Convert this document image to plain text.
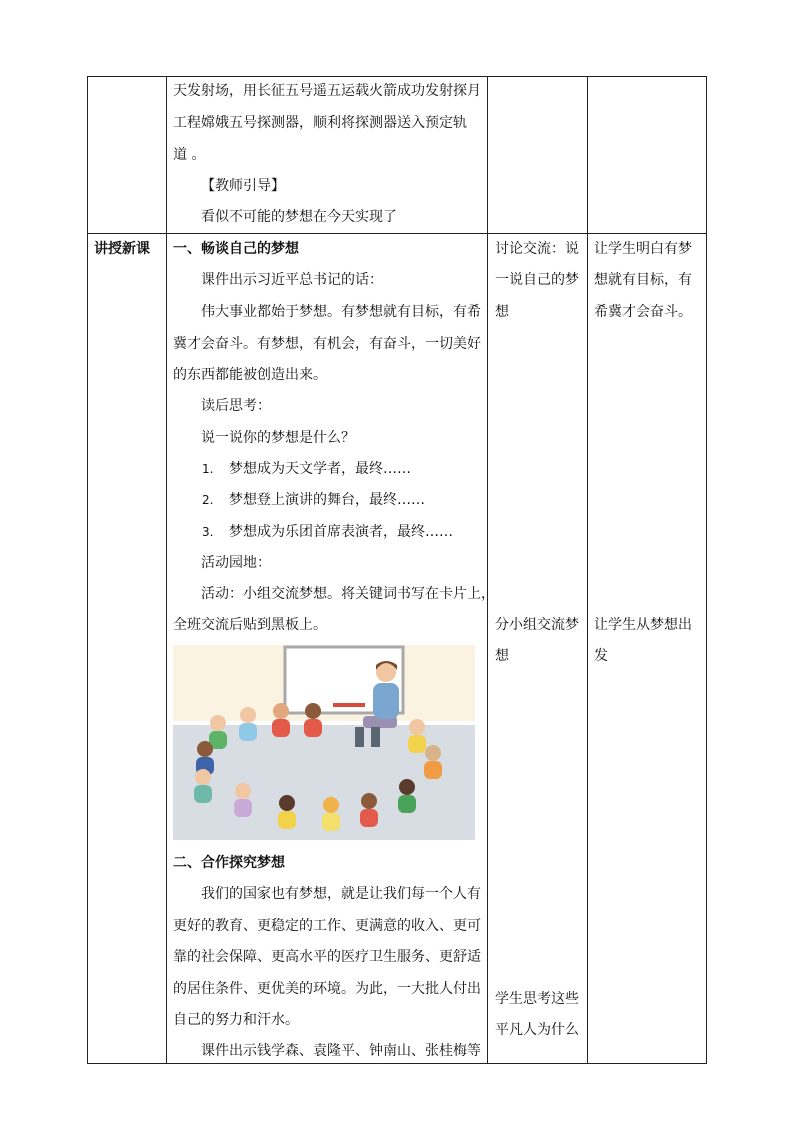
天发射场，用长征五号遥五运载火箭成功发射探月
工程嫦娥五号探测器，顺利将探测器送入预定轨
道 。
【教师引导】
看似不可能的梦想在今天实现了
讲授新课 一、畅谈自己的梦想
课件出示习近平总书记的话：
伟大事业都始于梦想。有梦想就有目标，有希
冀才会奋斗。有梦想，有机会，有奋斗，一切美好
的东西都能被创造出来。
读后思考：
说一说你的梦想是什么？
1. 梦想成为天文学者，最终……
2. 梦想登上演讲的舞台，最终……
3. 梦想成为乐团首席表演者，最终……
活动园地：
活动：小组交流梦想。将关键词书写在卡片上，
全班交流后贴到黑板上。
二、合作探究梦想
我们的国家也有梦想，就是让我们每一个人有
更好的教育、更稳定的工作、更满意的收入、更可
靠的社会保障、更高水平的医疗卫生服务、更舒适
的居住条件、更优美的环境。为此，一大批人付出
自己的努力和汗水。
课件出示钱学森、袁隆平、钟南山、张桂梅等
讨论交流：说
一说自己的梦
想
分小组交流梦
想
学生思考这些
平凡人为什么
让学生明白有梦
想就有目标，有
希冀才会奋斗。
让学生从梦想出
发
